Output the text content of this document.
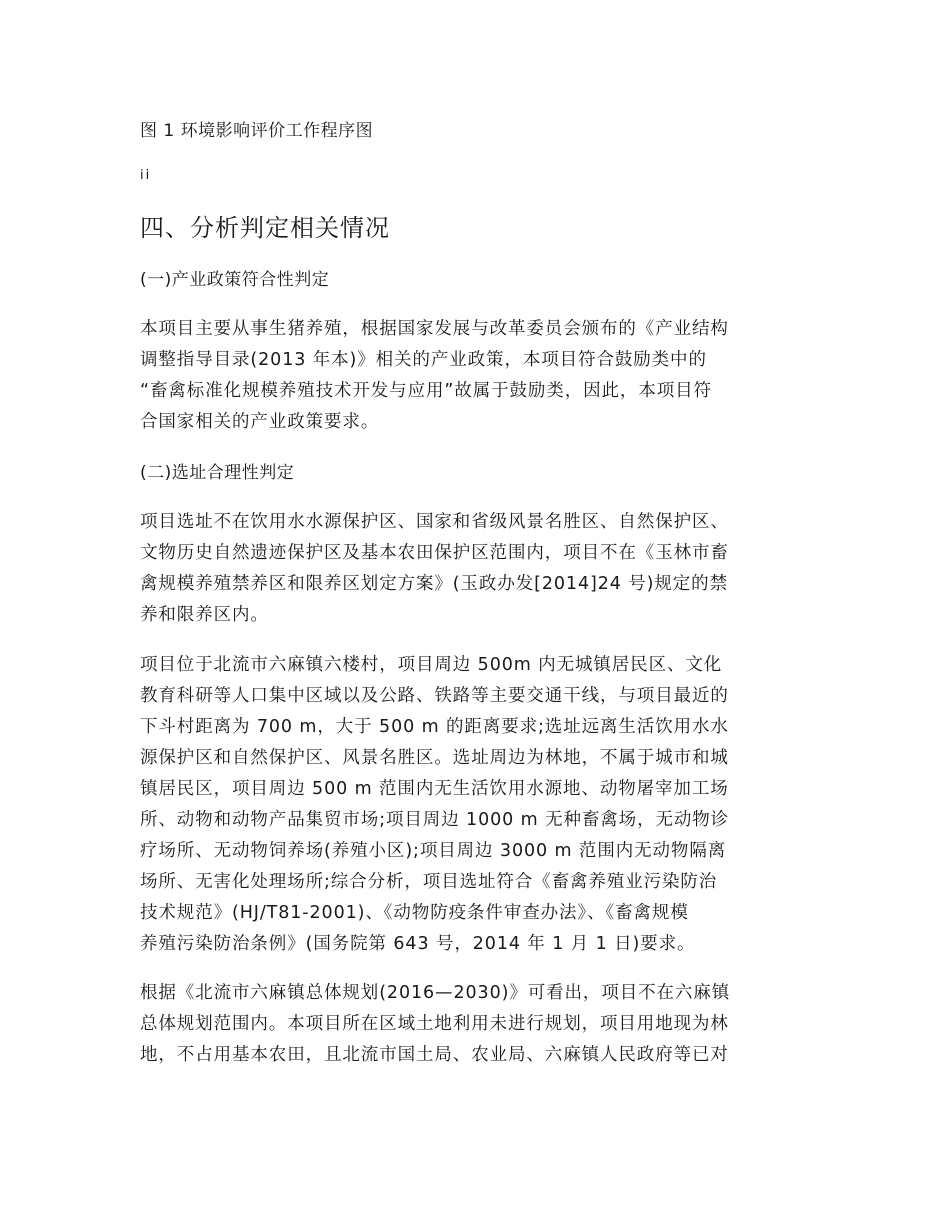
图 1 环境影响评价工作程序图
ii
四、分析判定相关情况
(一)产业政策符合性判定
本项目主要从事生猪养殖，根据国家发展与改革委员会颁布的《产业结构
调整指导目录(2013 年本)》相关的产业政策，本项目符合鼓励类中的
“畜禽标准化规模养殖技术开发与应用”故属于鼓励类，因此，本项目符
合国家相关的产业政策要求。
(二)选址合理性判定
项目选址不在饮用水水源保护区、国家和省级风景名胜区、自然保护区、
文物历史自然遗迹保护区及基本农田保护区范围内，项目不在《玉林市畜
禽规模养殖禁养区和限养区划定方案》(玉政办发[2014]24 号)规定的禁
养和限养区内。
项目位于北流市六麻镇六楼村，项目周边 500m 内无城镇居民区、文化
教育科研等人口集中区域以及公路、铁路等主要交通干线，与项目最近的
下斗村距离为 700 m，大于 500 m 的距离要求;选址远离生活饮用水水
源保护区和自然保护区、风景名胜区。选址周边为林地，不属于城市和城
镇居民区，项目周边 500 m 范围内无生活饮用水源地、动物屠宰加工场
所、动物和动物产品集贸市场;项目周边 1000 m 无种畜禽场，无动物诊
疗场所、无动物饲养场(养殖小区);项目周边 3000 m 范围内无动物隔离
场所、无害化处理场所;综合分析，项目选址符合《畜禽养殖业污染防治
技术规范》(HJ/T81-2001)、《动物防疫条件审查办法》、《畜禽规模
养殖污染防治条例》(国务院第 643 号，2014 年 1 月 1 日)要求。
根据《北流市六麻镇总体规划(2016—2030)》可看出，项目不在六麻镇
总体规划范围内。本项目所在区域土地利用未进行规划，项目用地现为林
地，不占用基本农田，且北流市国土局、农业局、六麻镇人民政府等已对
